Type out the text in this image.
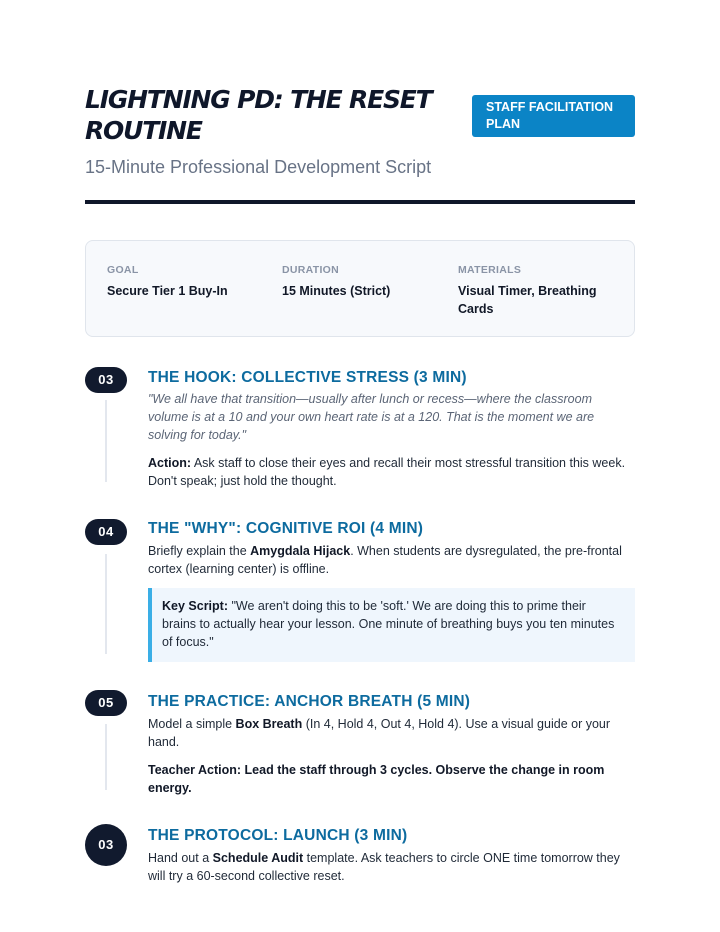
LIGHTNING PD: THE RESET ROUTINE
STAFF FACILITATION PLAN
15-Minute Professional Development Script
GOAL
Secure Tier 1 Buy-In
DURATION
15 Minutes (Strict)
MATERIALS
Visual Timer, Breathing Cards
03	THE HOOK: COLLECTIVE STRESS (3 MIN)
"We all have that transition—usually after lunch or recess—where the classroom volume is at a 10 and your own heart rate is at a 120. That is the moment we are solving for today."
Action: Ask staff to close their eyes and recall their most stressful transition this week. Don't speak; just hold the thought.
04	THE "WHY": COGNITIVE ROI (4 MIN)
Briefly explain the Amygdala Hijack. When students are dysregulated, the pre-frontal cortex (learning center) is offline.
Key Script: "We aren't doing this to be 'soft.' We are doing this to prime their brains to actually hear your lesson. One minute of breathing buys you ten minutes of focus."
05	THE PRACTICE: ANCHOR BREATH (5 MIN)
Model a simple Box Breath (In 4, Hold 4, Out 4, Hold 4). Use a visual guide or your hand.
Teacher Action: Lead the staff through 3 cycles. Observe the change in room energy.
03
THE PROTOCOL: LAUNCH (3 MIN)
Hand out a Schedule Audit template. Ask teachers to circle ONE time tomorrow they will try a 60-second collective reset.
